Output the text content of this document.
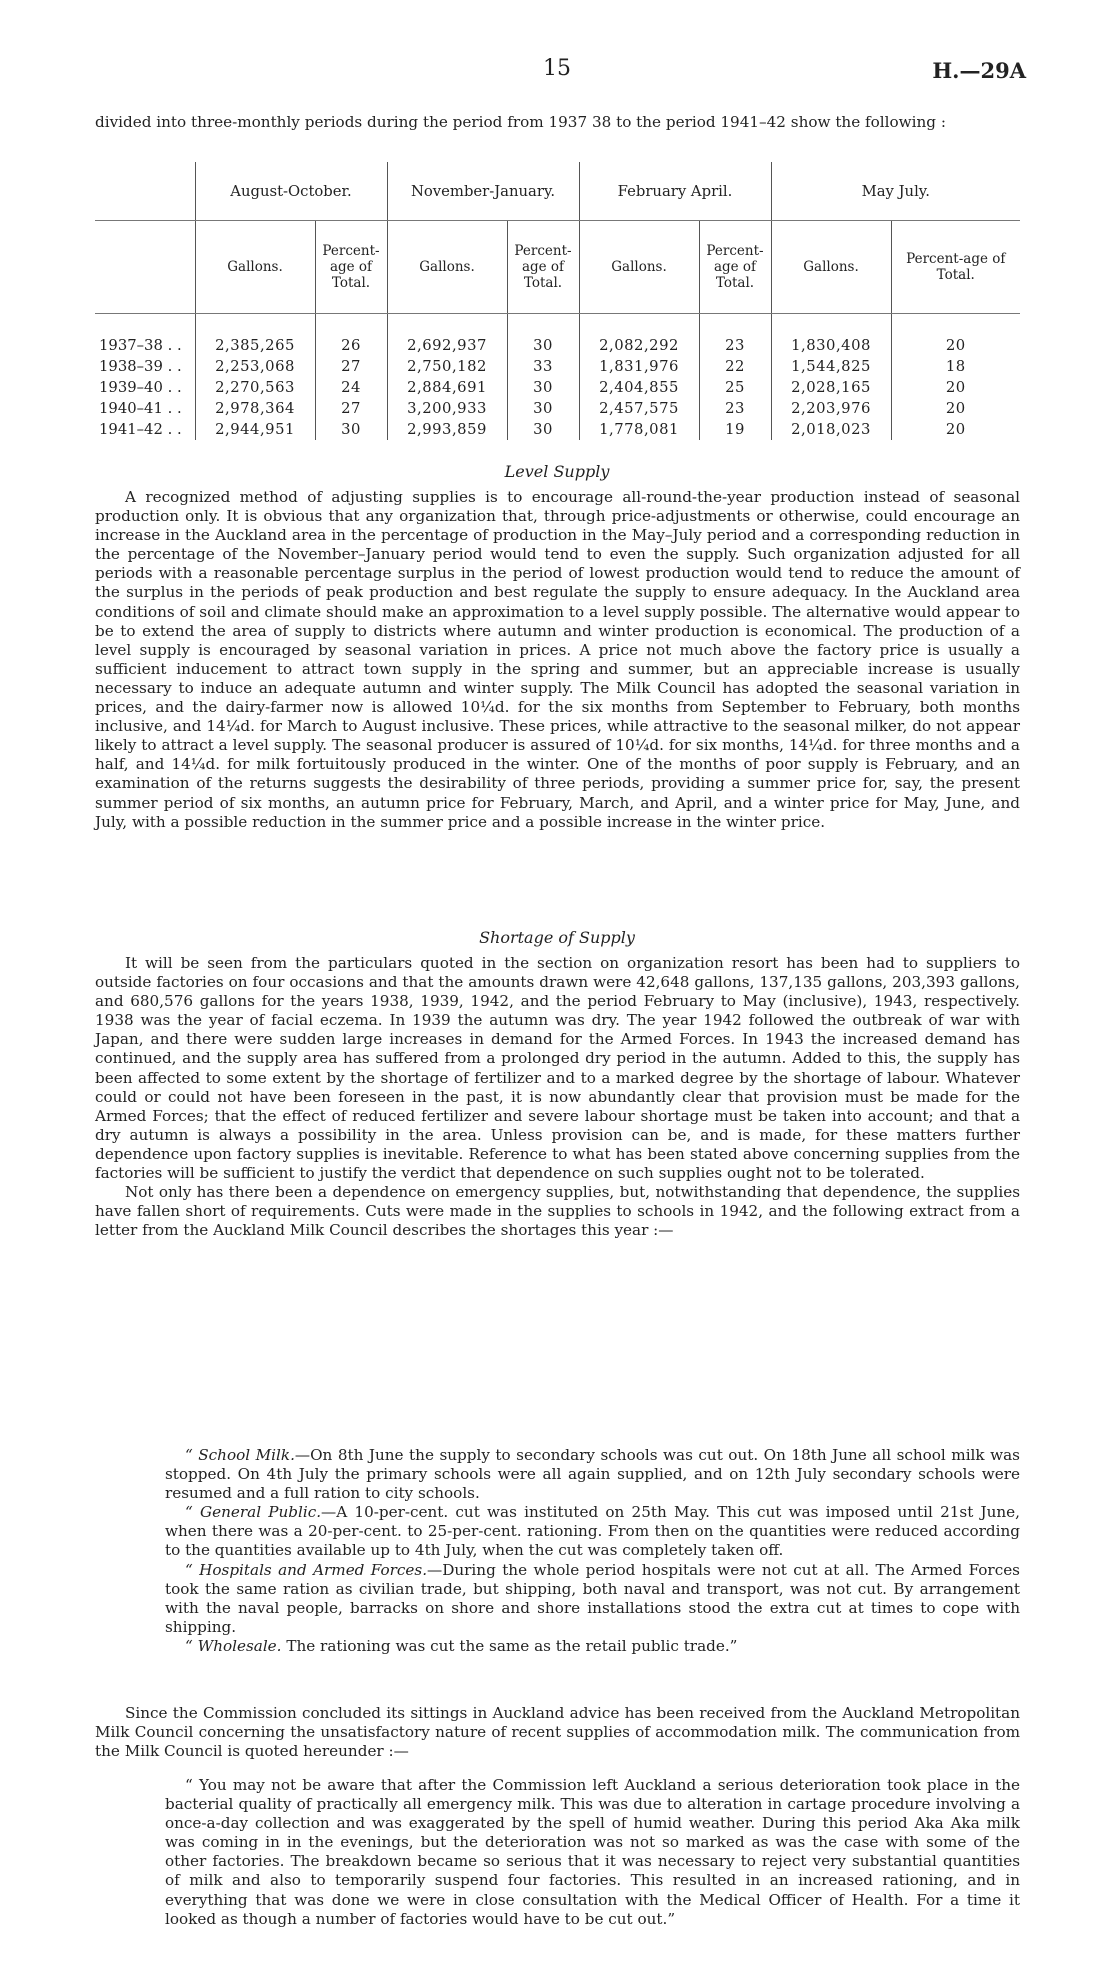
15	H.—29A
divided into three-monthly periods during the period from 1937 38 to the period 1941–42 show the following :
	August-October.		November-January.		February April.		May July.	
	Gallons.	Percent-age of Total.	Gallons.	Percent-age of Total.	Gallons.	Percent-age of Total.	Gallons.	Percent-age of Total.

1937–38 . .	2,385,265	26	2,692,937	30	2,082,292	23	1,830,408	20
1938–39 . .	2,253,068	27	2,750,182	33	1,831,976	22	1,544,825	18
1939–40 . .	2,270,563	24	2,884,691	30	2,404,855	25	2,028,165	20
1940–41 . .	2,978,364	27	3,200,933	30	2,457,575	23	2,203,976	20
1941–42 . .	2,944,951	30	2,993,859	30	1,778,081	19	2,018,023	20
Level Supply

A recognized method of adjusting supplies is to encourage all-round-the-year production instead of seasonal production only. It is obvious that any organization that, through price-adjustments or otherwise, could encourage an increase in the Auckland area in the percentage of production in the May–July period and a corresponding reduction in the percentage of the November–January period would tend to even the supply. Such organization adjusted for all periods with a reasonable percentage surplus in the period of lowest production would tend to reduce the amount of the surplus in the periods of peak production and best regulate the supply to ensure adequacy. In the Auckland area conditions of soil and climate should make an approximation to a level supply possible. The alternative would appear to be to extend the area of supply to districts where autumn and winter production is economical. The production of a level supply is encouraged by seasonal variation in prices. A price not much above the factory price is usually a sufficient inducement to attract town supply in the spring and summer, but an appreciable increase is usually necessary to induce an adequate autumn and winter supply. The Milk Council has adopted the seasonal variation in prices, and the dairy-farmer now is allowed 10¼d. for the six months from September to February, both months inclusive, and 14¼d. for March to August inclusive. These prices, while attractive to the seasonal milker, do not appear likely to attract a level supply. The seasonal producer is assured of 10¼d. for six months, 14¼d. for three months and a half, and 14¼d. for milk fortuitously produced in the winter. One of the months of poor supply is February, and an examination of the returns suggests the desirability of three periods, providing a summer price for, say, the present summer period of six months, an autumn price for February, March, and April, and a winter price for May, June, and July, with a possible reduction in the summer price and a possible increase in the winter price.

Shortage of Supply

It will be seen from the particulars quoted in the section on organization resort has been had to suppliers to outside factories on four occasions and that the amounts drawn were 42,648 gallons, 137,135 gallons, 203,393 gallons, and 680,576 gallons for the years 1938, 1939, 1942, and the period February to May (inclusive), 1943, respectively. 1938 was the year of facial eczema. In 1939 the autumn was dry. The year 1942 followed the outbreak of war with Japan, and there were sudden large increases in demand for the Armed Forces. In 1943 the increased demand has continued, and the supply area has suffered from a prolonged dry period in the autumn. Added to this, the supply has been affected to some extent by the shortage of fertilizer and to a marked degree by the shortage of labour. Whatever could or could not have been foreseen in the past, it is now abundantly clear that provision must be made for the Armed Forces; that the effect of reduced fertilizer and severe labour shortage must be taken into account; and that a dry autumn is always a possibility in the area. Unless provision can be, and is made, for these matters further dependence upon factory supplies is inevitable. Reference to what has been stated above concerning supplies from the factories will be sufficient to justify the verdict that dependence on such supplies ought not to be tolerated.

Not only has there been a dependence on emergency supplies, but, notwithstanding that dependence, the supplies have fallen short of requirements. Cuts were made in the supplies to schools in 1942, and the following extract from a letter from the Auckland Milk Council describes the shortages this year :—

“ School Milk.—On 8th June the supply to secondary schools was cut out. On 18th June all school milk was stopped. On 4th July the primary schools were all again supplied, and on 12th July secondary schools were resumed and a full ration to city schools.

“ General Public.—A 10-per-cent. cut was instituted on 25th May. This cut was imposed until 21st June, when there was a 20-per-cent. to 25-per-cent. rationing. From then on the quantities were reduced according to the quantities available up to 4th July, when the cut was completely taken off.

“ Hospitals and Armed Forces.—During the whole period hospitals were not cut at all. The Armed Forces took the same ration as civilian trade, but shipping, both naval and transport, was not cut. By arrangement with the naval people, barracks on shore and shore installations stood the extra cut at times to cope with shipping.

“ Wholesale. The rationing was cut the same as the retail public trade.”

Since the Commission concluded its sittings in Auckland advice has been received from the Auckland Metropolitan Milk Council concerning the unsatisfactory nature of recent supplies of accommodation milk. The communication from the Milk Council is quoted hereunder :—

“ You may not be aware that after the Commission left Auckland a serious deterioration took place in the bacterial quality of practically all emergency milk. This was due to alteration in cartage procedure involving a once-a-day collection and was exaggerated by the spell of humid weather. During this period Aka Aka milk was coming in in the evenings, but the deterioration was not so marked as was the case with some of the other factories. The breakdown became so serious that it was necessary to reject very substantial quantities of milk and also to temporarily suspend four factories. This resulted in an increased rationing, and in everything that was done we were in close consultation with the Medical Officer of Health. For a time it looked as though a number of factories would have to be cut out.”
